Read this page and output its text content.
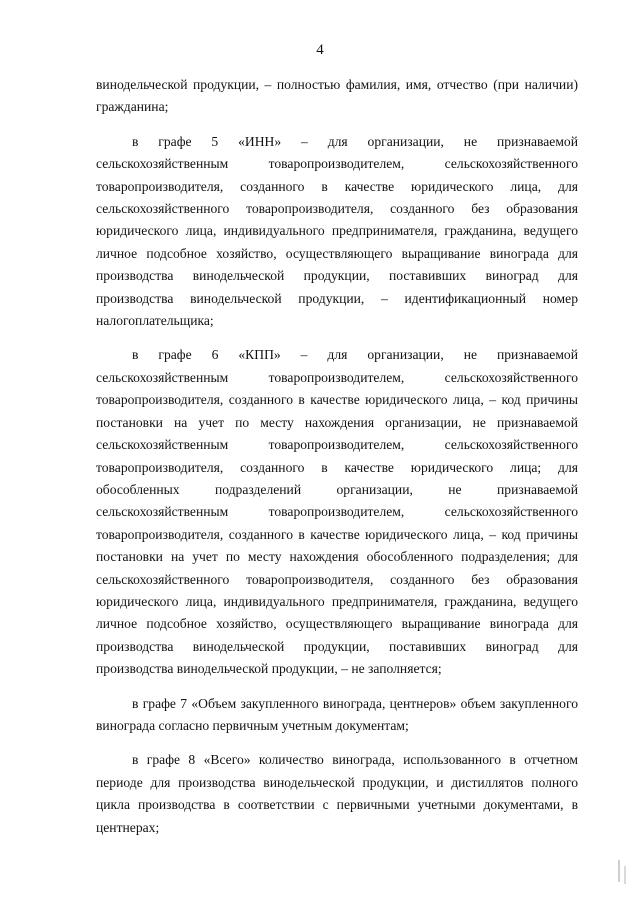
4

винодельческой продукции, – полностью фамилия, имя, отчество (при наличии) гражданина;

в графе 5 «ИНН» – для организации, не признаваемой сельскохозяйственным товаропроизводителем, сельскохозяйственного товаропроизводителя, созданного в качестве юридического лица, для сельскохозяйственного товаропроизводителя, созданного без образования юридического лица, индивидуального предпринимателя, гражданина, ведущего личное подсобное хозяйство, осуществляющего выращивание винограда для производства винодельческой продукции, поставивших виноград для производства винодельческой продукции, – идентификационный номер налогоплательщика;

в графе 6 «КПП» – для организации, не признаваемой сельскохозяйственным товаропроизводителем, сельскохозяйственного товаропроизводителя, созданного в качестве юридического лица, – код причины постановки на учет по месту нахождения организации, не признаваемой сельскохозяйственным товаропроизводителем, сельскохозяйственного товаропроизводителя, созданного в качестве юридического лица; для обособленных подразделений организации, не признаваемой сельскохозяйственным товаропроизводителем, сельскохозяйственного товаропроизводителя, созданного в качестве юридического лица, – код причины постановки на учет по месту нахождения обособленного подразделения; для сельскохозяйственного товаропроизводителя, созданного без образования юридического лица, индивидуального предпринимателя, гражданина, ведущего личное подсобное хозяйство, осуществляющего выращивание винограда для производства винодельческой продукции, поставивших виноград для производства винодельческой продукции, – не заполняется;

в графе 7 «Объем закупленного винограда, центнеров» объем закупленного винограда согласно первичным учетным документам;

в графе 8 «Всего» количество винограда, использованного в отчетном периоде для производства винодельческой продукции, и дистиллятов полного цикла производства в соответствии с первичными учетными документами, в центнерах;
